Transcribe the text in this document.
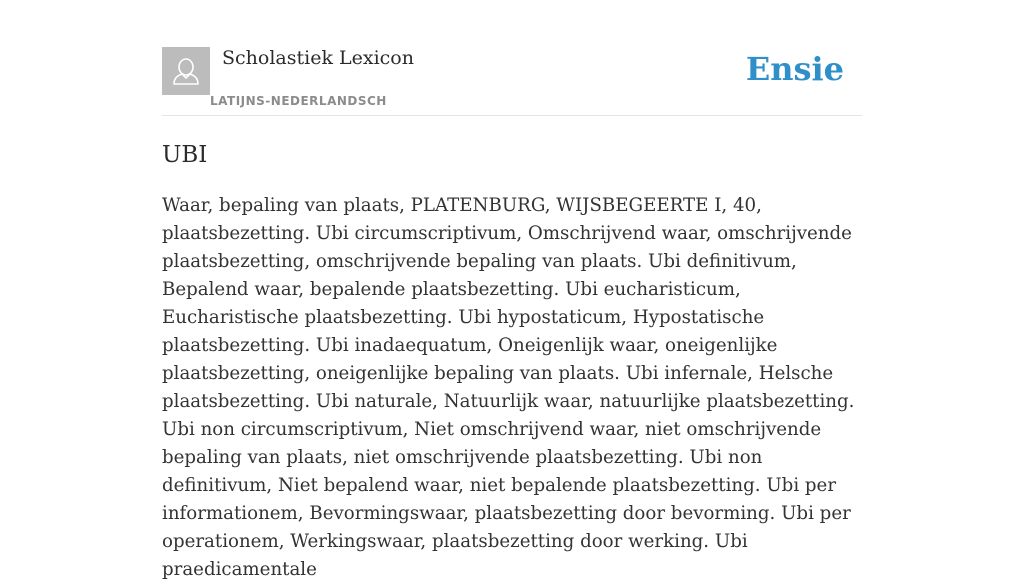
Scholastiek Lexicon
LATIJNS-NEDERLANDSCH
Ensie
UBI

Waar, bepaling van plaats, PLATENBURG, WIJSBEGEERTE I, 40, plaatsbezetting. Ubi circumscriptivum, Omschrijvend waar, omschrijvende plaatsbezetting, omschrijvende bepaling van plaats. Ubi definitivum, Bepalend waar, bepalende plaatsbezetting. Ubi eucharisticum, Eucharistische plaatsbezetting. Ubi hypostaticum, Hypostatische plaatsbezetting. Ubi inadaequatum, Oneigenlijk waar, oneigenlijke plaatsbezetting, oneigenlijke bepaling van plaats. Ubi infernale, Helsche plaatsbezetting. Ubi naturale, Natuurlijk waar, natuurlijke plaatsbezetting. Ubi non circumscriptivum, Niet omschrijvend waar, niet omschrijvende bepaling van plaats, niet omschrijvende plaatsbezetting. Ubi non definitivum, Niet bepalend waar, niet bepalende plaatsbezetting. Ubi per informationem, Bevormingswaar, plaatsbezetting door bevorming. Ubi per operationem, Werkingswaar, plaatsbezetting door werking. Ubi praedicamentale
